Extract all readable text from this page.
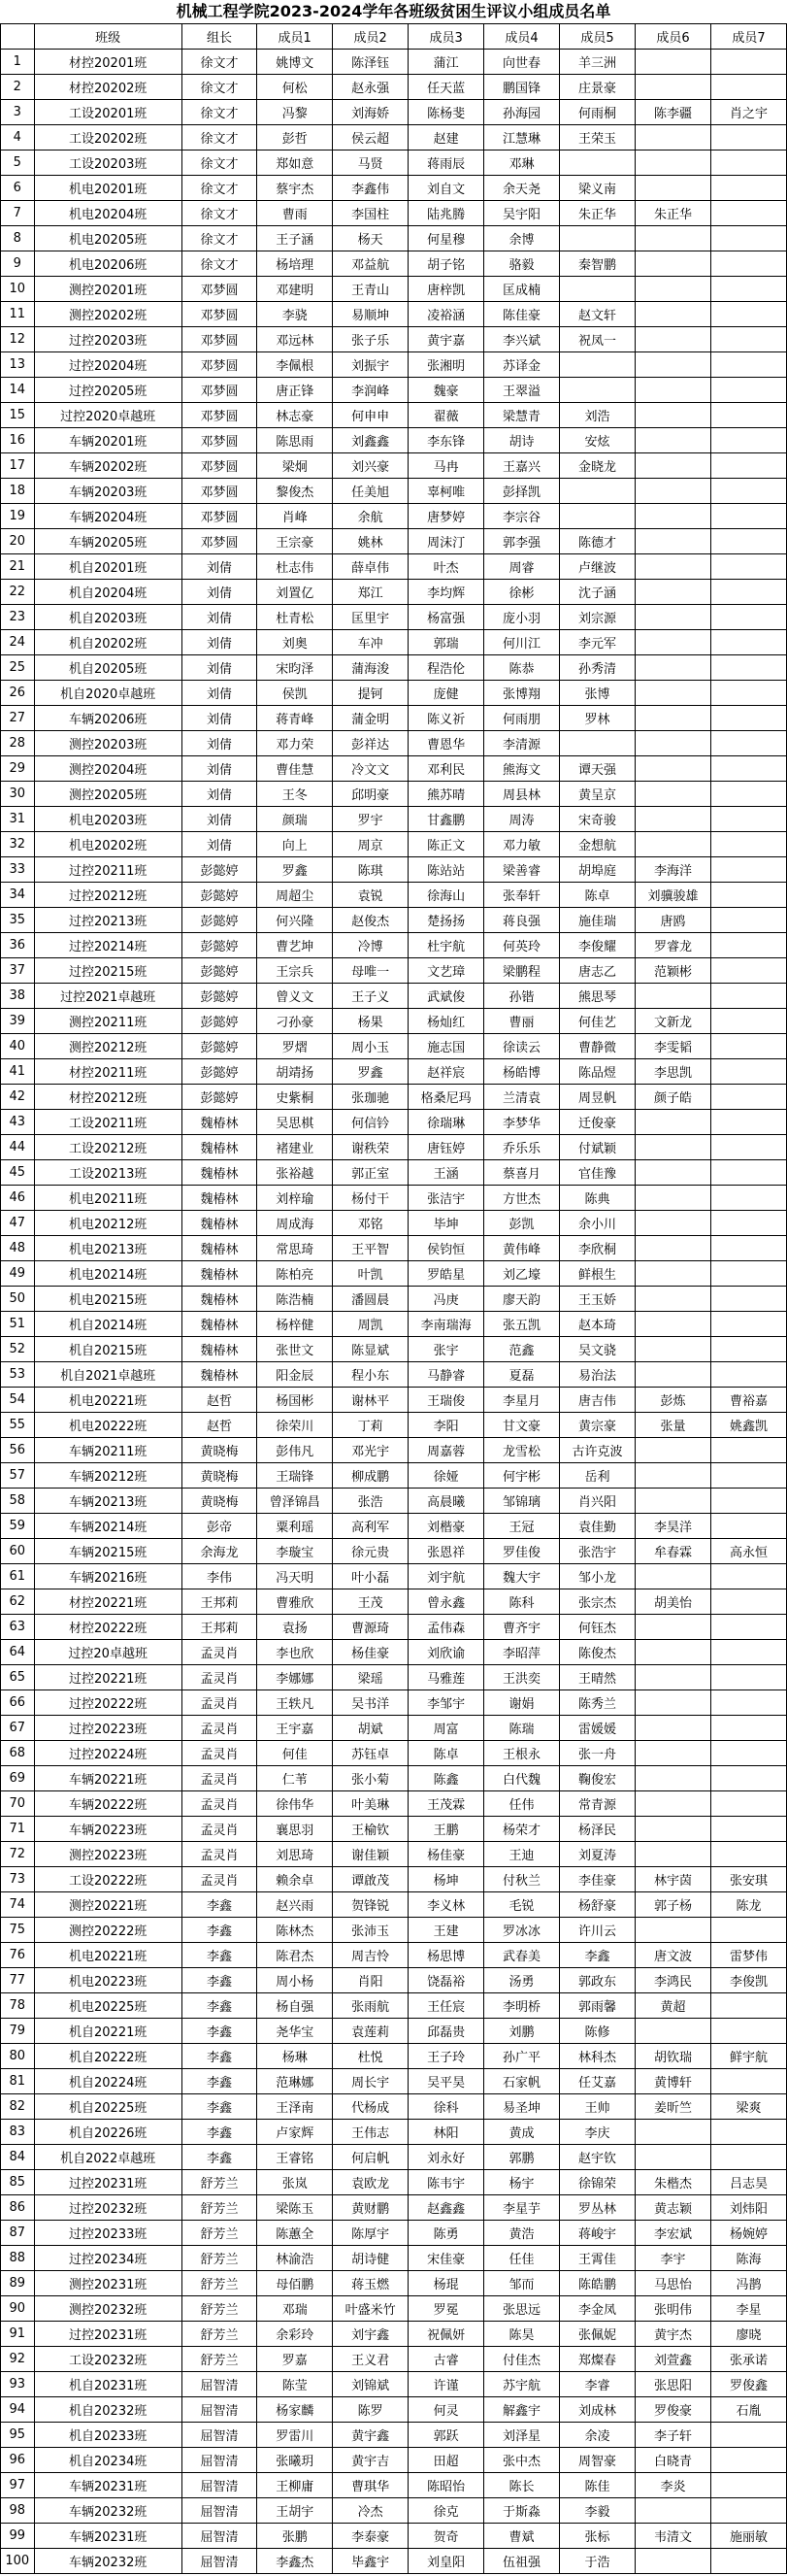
机械工程学院2023-2024学年各班级贫困生评议小组成员名单
	班级	组长	成员1	成员2	成员3	成员4	成员5	成员6	成员7
1	材控20201班	徐文才	姚博文	陈泽钰	蒲江	向世春	羊三洲		
2	材控20202班	徐文才	何松	赵永强	任天蓝	鹏国锋	庄景豪		
3	工设20201班	徐文才	冯黎	刘海娇	陈杨斐	孙海园	何雨桐	陈李疆	肖之宇
4	工设20202班	徐文才	彭哲	侯云超	赵建	江慧琳	王荣玉		
5	工设20203班	徐文才	郑如意	马贤	蒋雨辰	邓琳			
6	机电20201班	徐文才	蔡宇杰	李鑫伟	刘自文	余天尧	梁义南		
7	机电20204班	徐文才	曹雨	李国柱	陆兆腾	吴宇阳	朱正华	朱正华	
8	机电20205班	徐文才	王子涵	杨天	何星穆	余博			
9	机电20206班	徐文才	杨培理	邓益航	胡子铭	骆毅	秦智鹏		
10	测控20201班	邓梦圆	邓建明	王青山	唐梓凯	匡成楠			
11	测控20202班	邓梦圆	李骁	易顺坤	凌裕涵	陈佳豪	赵文轩		
12	过控20203班	邓梦圆	邓远林	张子乐	黄宇嘉	李兴斌	祝凤一		
13	过控20204班	邓梦圆	李佩根	刘振宇	张湘明	苏译金			
14	过控20205班	邓梦圆	唐正锋	李润峰	魏豪	王翠溢			
15	过控2020卓越班	邓梦圆	林志豪	何申申	翟薇	梁慧青	刘浩		
16	车辆20201班	邓梦圆	陈思雨	刘鑫鑫	李东锋	胡诗	安炫		
17	车辆20202班	邓梦圆	梁炯	刘兴豪	马冉	王嘉兴	金晓龙		
18	车辆20203班	邓梦圆	黎俊杰	任美旭	辜柯唯	彭择凯			
19	车辆20204班	邓梦圆	肖峰	余航	唐梦婷	李宗谷			
20	车辆20205班	邓梦圆	王宗豪	姚林	周沫汀	郭李强	陈德才		
21	机自20201班	刘倩	杜志伟	薛卓伟	叶杰	周睿	卢继波		
22	机自20204班	刘倩	刘置亿	郑江	李均辉	徐彬	沈子涵		
23	机自20203班	刘倩	杜青松	匡里宇	杨富强	庞小羽	刘宗源		
24	机自20202班	刘倩	刘奥	车冲	郭瑞	何川江	李元军		
25	机自20205班	刘倩	宋昀泽	蒲海浚	程浩伦	陈恭	孙秀清		
26	机自2020卓越班	刘倩	侯凯	提钶	庞健	张博翔	张博		
27	车辆20206班	刘倩	蒋青峰	蒲金明	陈义祈	何雨朋	罗林		
28	测控20203班	刘倩	邓力荣	彭祥达	曹恩华	李清源			
29	测控20204班	刘倩	曹佳慧	冷文文	邓利民	熊海文	谭天强		
30	测控20205班	刘倩	王冬	邱明豪	熊苏晴	周县林	黄呈京		
31	机电20203班	刘倩	颜瑞	罗宇	甘鑫鹏	周涛	宋奇骏		
32	机电20202班	刘倩	向上	周京	陈正文	邓力敏	金想航		
33	过控20211班	彭懿婷	罗鑫	陈琪	陈站站	梁善睿	胡埠庭	李海洋	
34	过控20212班	彭懿婷	周超尘	袁锐	徐海山	张奉轩	陈卓	刘骥骏雄	
35	过控20213班	彭懿婷	何兴隆	赵俊杰	楚扬扬	蒋良强	施佳瑞	唐鸥	
36	过控20214班	彭懿婷	曹艺坤	冷博	杜宇航	何英玲	李俊耀	罗睿龙	
37	过控20215班	彭懿婷	王宗兵	母唯一	文艺璋	梁鹏程	唐志乙	范颖彬	
38	过控2021卓越班	彭懿婷	曾义文	王子义	武斌俊	孙锴	熊思琴		
39	测控20211班	彭懿婷	刁孙豪	杨果	杨灿红	曹丽	何佳艺	文新龙	
40	测控20212班	彭懿婷	罗熠	周小玉	施志国	徐读云	曹静微	李雯韬	
41	材控20211班	彭懿婷	胡靖扬	罗鑫	赵祥宸	杨皓博	陈品煜	李思凯	
42	材控20212班	彭懿婷	史紫桐	张珈驰	格桑尼玛	兰清袁	周昱帆	颜子皓	
43	工设20211班	魏椿林	吴思棋	何信钤	徐瑞琳	李梦华	迁俊豪		
44	工设20212班	魏椿林	褚建业	谢秩荣	唐钰婷	乔乐乐	付斌颖		
45	工设20213班	魏椿林	张裕越	郭正室	王涵	蔡喜月	官佳豫		
46	机电20211班	魏椿林	刘梓瑜	杨付干	张洁宇	方世杰	陈典		
47	机电20212班	魏椿林	周成海	邓铭	毕坤	彭凯	余小川		
48	机电20213班	魏椿林	常思琦	王平智	侯钧恒	黄伟峰	李欣桐		
49	机电20214班	魏椿林	陈柏亮	叶凯	罗皓星	刘乙壕	鲜根生		
50	机电20215班	魏椿林	陈浩楠	潘圆晨	冯庚	廖天韵	王玉娇		
51	机自20214班	魏椿林	杨梓健	周凯	李南瑞海	张五凯	赵本琦		
52	机自20215班	魏椿林	张世文	陈显斌	张宇	范鑫	吴文骁		
53	机自2021卓越班	魏椿林	阳金辰	程小东	马静睿	夏磊	易治法		
54	机电20221班	赵哲	杨国彬	谢林平	王瑞俊	李星月	唐吉伟	彭炼	曹裕嘉
55	机电20222班	赵哲	徐荣川	丁莉	李阳	甘文豪	黄宗豪	张量	姚鑫凯
56	车辆20211班	黄晓梅	彭伟凡	邓光宇	周嘉蓉	龙雪松	古许克波		
57	车辆20212班	黄晓梅	王瑞锋	柳成鹏	徐娅	何宇彬	岳利		
58	车辆20213班	黄晓梅	曾泽锦昌	张浩	高晨曦	邹锦璃	肖兴阳		
59	车辆20214班	彭帝	粟利瑶	高利军	刘楷豪	王冠	袁佳勤	李昊洋	
60	车辆20215班	余海龙	李璇宝	徐元贵	张恩祥	罗佳俊	张浩宇	牟春霖	高永恒
61	车辆20216班	李伟	冯天明	叶小磊	刘宇航	魏大宇	邹小龙		
62	材控20221班	王邦莉	曹雅欣	王茂	曾永鑫	陈科	张宗杰	胡美怡	
63	材控20222班	王邦莉	袁扬	曹源琦	孟伟森	曹齐宇	何钰杰		
64	过控20卓越班	孟灵肖	李也欣	杨佳豪	刘欣谕	李昭萍	陈俊杰		
65	过控20221班	孟灵肖	李娜娜	梁瑶	马雅莲	王洪奕	王晴然		
66	过控20222班	孟灵肖	王轶凡	吴书洋	李邹宇	谢娟	陈秀兰		
67	过控20223班	孟灵肖	王宇嘉	胡斌	周富	陈瑞	雷媛媛		
68	过控20224班	孟灵肖	何佳	苏钰卓	陈卓	王根永	张一舟		
69	车辆20221班	孟灵肖	仁苇	张小菊	陈鑫	白代魏	鞠俊宏		
70	车辆20222班	孟灵肖	徐伟华	叶美琳	王茂霖	任伟	常青源		
71	车辆20223班	孟灵肖	襄思羽	王榆钦	王鹏	杨荣才	杨泽民		
72	测控20223班	孟灵肖	刘思琦	谢佳颖	杨佳豪	王迪	刘夏涛		
73	工设20222班	孟灵肖	赖余卓	谭啟茂	杨坤	付秋兰	李佳豪	林宇茵	张安琪
74	测控20221班	李鑫	赵兴雨	贺锋锐	李义林	毛锐	杨舒豪	郭子杨	陈龙
75	测控20222班	李鑫	陈林杰	张沛玉	王建	罗冰冰	许川云		
76	机电20221班	李鑫	陈君杰	周吉怜	杨思博	武春美	李鑫	唐文波	雷梦伟
77	机电20223班	李鑫	周小杨	肖阳	饶磊裕	汤勇	郭政东	李鸿民	李俊凯
78	机电20225班	李鑫	杨自强	张雨航	王任宸	李明桥	郭雨馨	黄超	
79	机自20221班	李鑫	尧华宝	袁莲莉	邱磊贵	刘鹏	陈修		
80	机自20222班	李鑫	杨琳	杜悦	王子玲	孙广平	林科杰	胡钦瑞	鲜宇航
81	机自20224班	李鑫	范琳娜	周长宇	吴平昊	石家帆	任艾嘉	黄博轩	
82	机自20225班	李鑫	王泽南	代杨成	徐科	易圣坤	王帅	姜昕竺	梁爽
83	机自20226班	李鑫	卢家辉	王伟志	林阳	黄成	李庆		
84	机自2022卓越班	李鑫	王睿铭	何启帆	刘永好	郭鹏	赵宇钦		
85	过控20231班	舒芳兰	张岚	袁欧龙	陈韦宇	杨宇	徐锦荣	朱楷杰	吕志昊
86	过控20232班	舒芳兰	梁陈玉	黄财鹏	赵鑫鑫	李星芋	罗丛林	黄志颖	刘炜阳
87	过控20233班	舒芳兰	陈蕙全	陈厚宇	陈勇	黄浩	蒋峻宇	李宏斌	杨婉婷
88	过控20234班	舒芳兰	林渝浩	胡诗健	宋佳豪	任佳	王霄佳	李宇	陈海
89	测控20231班	舒芳兰	母佰鹏	蒋玉燃	杨琨	邹而	陈皓鹏	马思怡	冯鹊
90	测控20232班	舒芳兰	邓瑞	叶盛米竹	罗冕	张思远	李金凤	张明伟	李星
91	过控20231班	舒芳兰	余彩玲	刘宇鑫	祝佩妍	陈昊	张佩妮	黄宇杰	廖晓
92	工设20232班	舒芳兰	罗嘉	王义君	古睿	付佳杰	郑燦春	刘萱鑫	张承诺
93	机自20231班	屈智清	陈莹	刘锦斌	许谨	苏宇航	李睿	张思阳	罗俊鑫
94	机自20232班	屈智清	杨家麟	陈罗	何灵	解鑫宇	刘成林	罗俊豪	石胤
95	机自20233班	屈智清	罗雷川	黄宇鑫	郭跃	刘泽星	余凌	李子轩	
96	机自20234班	屈智清	张曦玥	黄宇吉	田超	张中杰	周智豪	白晓青	
97	车辆20231班	屈智清	王柳庸	曹琪华	陈昭怡	陈长	陈佳	李炎	
98	车辆20232班	屈智清	王胡宇	冷杰	徐克	于斯淼	李毅		
99	车辆20231班	屈智清	张鹏	李泰豪	贺奇	曹斌	张标	韦清文	施丽敏
100	车辆20232班	屈智清	李鑫杰	毕鑫宇	刘皇阳	伍祖强	于浩		
